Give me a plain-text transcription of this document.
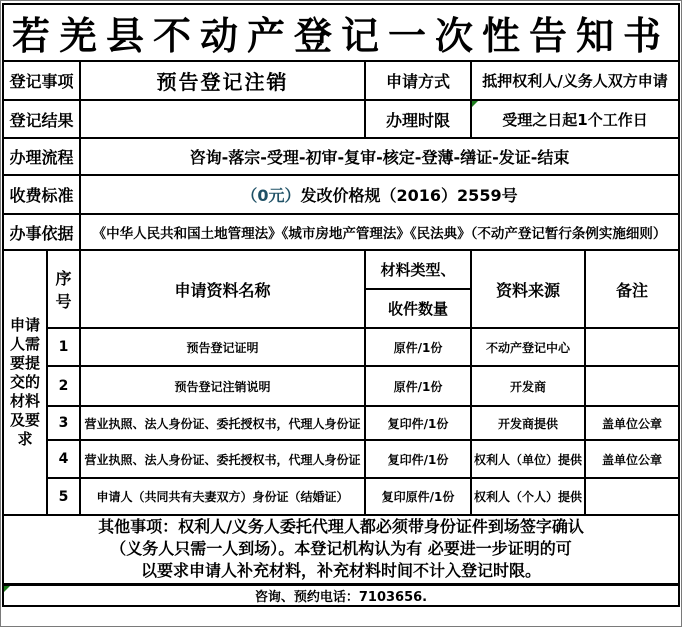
若羌县不动产登记一次性告知书					
登记事项		预告登记注销	申请方式	抵押权利人/义务人双方申请	
登记结果			办理时限	受理之日起1个工作日	
办理流程		咨询-落宗-受理-初审-复审-核定-登薄-缮证-发证-结束			
收费标准		（0元）发改价格规（2016）2559号			
办事依据		《中华人民共和国土地管理法》《城市房地产管理法》《民法典》（不动产登记暂行条例实施细则）			

申请人需要提交的材料及要求	序号	申请资料名称	材料类型、	资料来源	备注
			收件数量		
	1	预告登记证明	原件/1份	不动产登记中心	
	2	预告登记注销说明	原件/1份	开发商	
	3	营业执照、法人身份证、委托授权书，代理人身份证	复印件/1份	开发商提供	盖单位公章
	4	营业执照、法人身份证、委托授权书，代理人身份证	复印件/1份	权利人（单位）提供	盖单位公章
	5	申请人（共同共有夫妻双方）身份证（结婚证）	复印原件/1份	权利人（个人）提供	

其他事项：权利人/义务人委托代理人都必须带身份证件到场签字确认
（义务人只需一人到场）。本登记机构认为有 必要进一步证明的可
以要求申请人补充材料，补充材料时间不计入登记时限。					

咨询、预约电话：7103656.					
